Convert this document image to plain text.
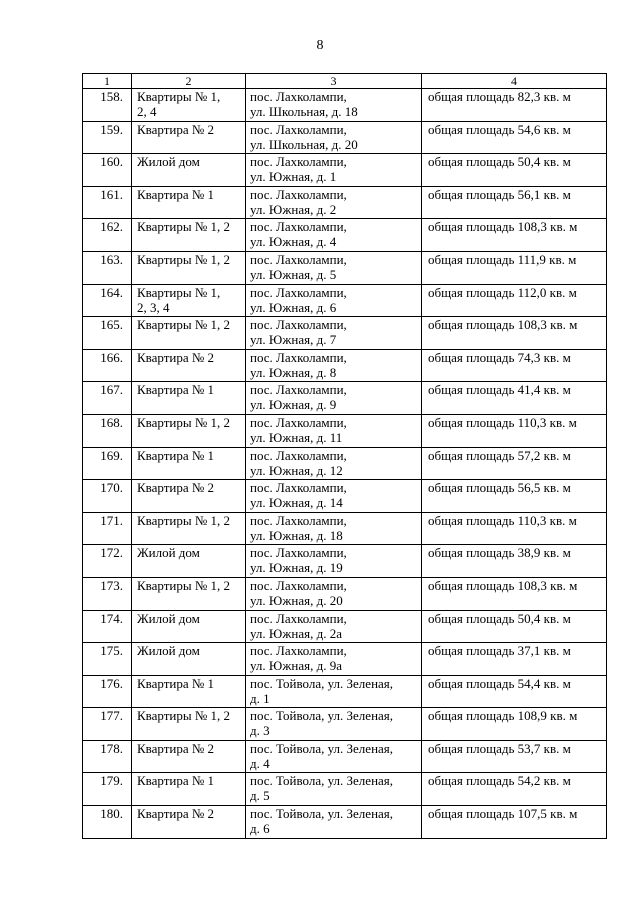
8
1	2	3	4
158.	Квартиры № 1,
2, 4	пос. Лахколампи,
ул. Школьная, д. 18	общая площадь 82,3 кв. м
159.	Квартира № 2	пос. Лахколампи,
ул. Школьная, д. 20	общая площадь 54,6 кв. м
160.	Жилой дом	пос. Лахколампи,
ул. Южная, д. 1	общая площадь 50,4 кв. м
161.	Квартира № 1	пос. Лахколампи,
ул. Южная, д. 2	общая площадь 56,1 кв. м
162.	Квартиры № 1, 2	пос. Лахколампи,
ул. Южная, д. 4	общая площадь 108,3 кв. м
163.	Квартиры № 1, 2	пос. Лахколампи,
ул. Южная, д. 5	общая площадь 111,9 кв. м
164.	Квартиры № 1,
2, 3, 4	пос. Лахколампи,
ул. Южная, д. 6	общая площадь 112,0 кв. м
165.	Квартиры № 1, 2	пос. Лахколампи,
ул. Южная, д. 7	общая площадь 108,3 кв. м
166.	Квартира № 2	пос. Лахколампи,
ул. Южная, д. 8	общая площадь 74,3 кв. м
167.	Квартира № 1	пос. Лахколампи,
ул. Южная, д. 9	общая площадь 41,4 кв. м
168.	Квартиры № 1, 2	пос. Лахколампи,
ул. Южная, д. 11	общая площадь 110,3 кв. м
169.	Квартира № 1	пос. Лахколампи,
ул. Южная, д. 12	общая площадь 57,2 кв. м
170.	Квартира № 2	пос. Лахколампи,
ул. Южная, д. 14	общая площадь 56,5 кв. м
171.	Квартиры № 1, 2	пос. Лахколампи,
ул. Южная, д. 18	общая площадь 110,3 кв. м
172.	Жилой дом	пос. Лахколампи,
ул. Южная, д. 19	общая площадь 38,9 кв. м
173.	Квартиры № 1, 2	пос. Лахколампи,
ул. Южная, д. 20	общая площадь 108,3 кв. м
174.	Жилой дом	пос. Лахколампи,
ул. Южная, д. 2а	общая площадь 50,4 кв. м
175.	Жилой дом	пос. Лахколампи,
ул. Южная, д. 9а	общая площадь 37,1 кв. м
176.	Квартира № 1	пос. Тойвола, ул. Зеленая,
д. 1	общая площадь 54,4 кв. м
177.	Квартиры № 1, 2	пос. Тойвола, ул. Зеленая,
д. 3	общая площадь 108,9 кв. м
178.	Квартира № 2	пос. Тойвола, ул. Зеленая,
д. 4	общая площадь 53,7 кв. м
179.	Квартира № 1	пос. Тойвола, ул. Зеленая,
д. 5	общая площадь 54,2 кв. м
180.	Квартира № 2	пос. Тойвола, ул. Зеленая,
д. 6	общая площадь 107,5 кв. м
